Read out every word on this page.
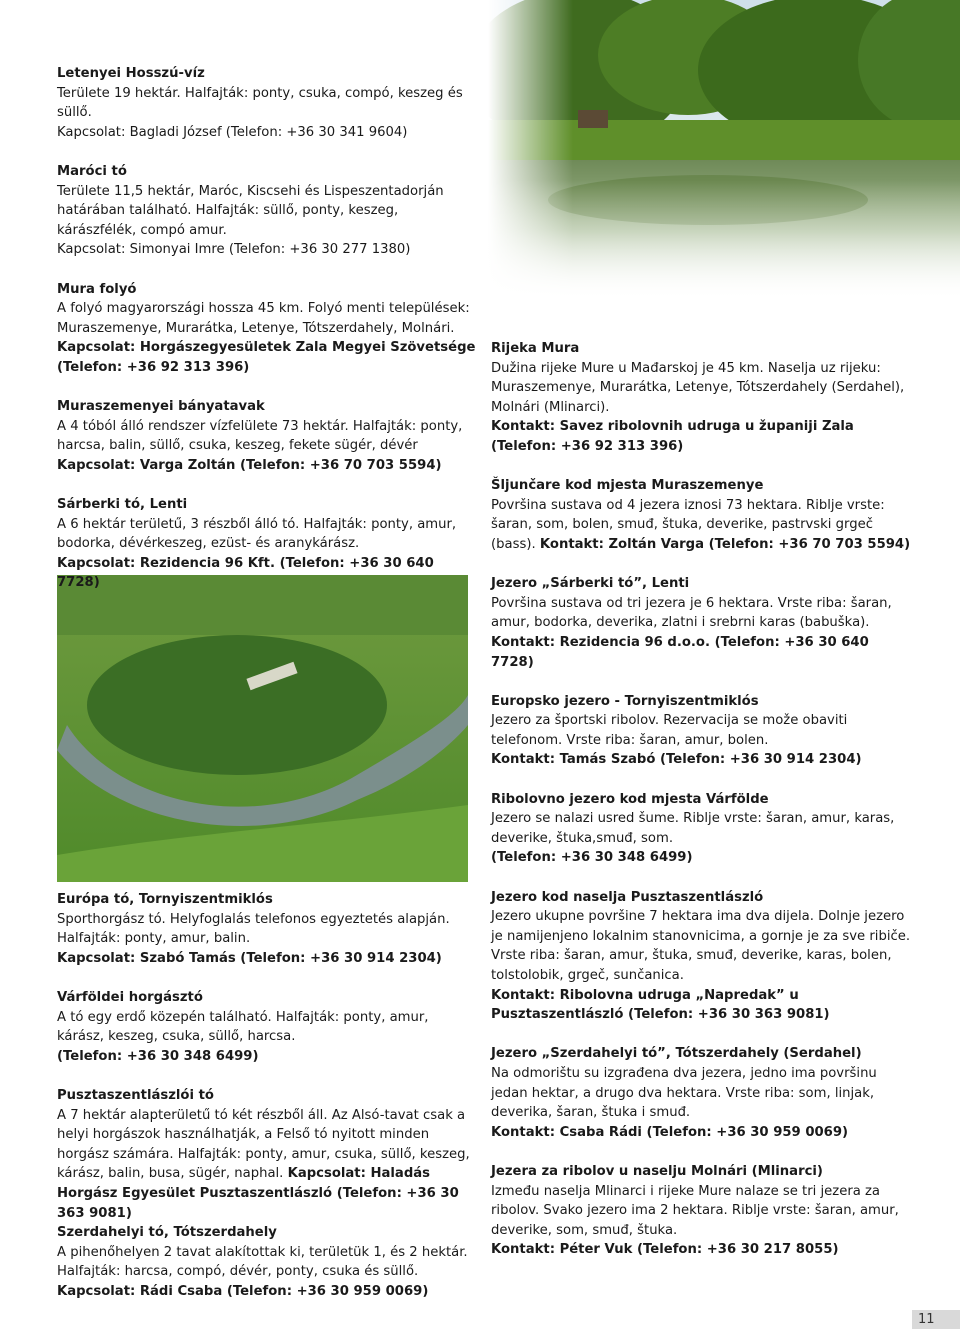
Letenyei Hosszú-víz
Területe 19 hektár. Halfajták: ponty, csuka, compó, keszeg és süllő.
Kapcsolat: Bagladi József (Telefon: +36 30 341 9604)
Maróci tó
Területe 11,5 hektár, Maróc, Kiscsehi és Lispeszentadorján határában található. Halfajták: süllő, ponty, keszeg, kárászfélék, compó amur.
Kapcsolat: Simonyai Imre (Telefon: +36 30 277 1380)
Mura folyó
A folyó magyarországi hossza 45 km. Folyó menti települések: Muraszemenye, Murarátka, Letenye, Tótszerdahely, Molnári.
Kapcsolat: Horgászegyesületek Zala Megyei Szövetsége (Telefon: +36 92 313 396)
Muraszemenyei bányatavak
A 4 tóból álló rendszer vízfelülete 73 hektár. Halfajták: ponty, harcsa, balin, süllő, csuka, keszeg, fekete sügér, dévér
Kapcsolat: Varga Zoltán (Telefon: +36 70 703 5594)
Sárberki tó, Lenti
A 6 hektár területű, 3 részből álló tó. Halfajták: ponty, amur, bodorka, dévérkeszeg, ezüst- és aranykárász.
Kapcsolat: Rezidencia 96 Kft. (Telefon: +36 30 640 7728)
Európa tó, Tornyiszentmiklós
Sporthorgász tó. Helyfoglalás telefonos egyeztetés alapján. Halfajták: ponty, amur, balin.
Kapcsolat: Szabó Tamás (Telefon: +36 30 914 2304)
Várföldei horgásztó
A tó egy erdő közepén található. Halfajták: ponty, amur, kárász, keszeg, csuka, süllő, harcsa.
(Telefon: +36 30 348 6499)
Pusztaszentlászlói tó
A 7 hektár alapterületű tó két részből áll. Az Alsó-tavat csak a helyi horgászok használhatják, a Felső tó nyitott minden horgász számára. Halfajták: ponty, amur, csuka, süllő, keszeg, kárász, balin, busa, sügér, naphal. Kapcsolat: Haladás Horgász Egyesület Pusztaszentlászló (Telefon: +36 30 363 9081)
Szerdahelyi tó, Tótszerdahely
A pihenőhelyen 2 tavat alakítottak ki, területük 1, és 2 hektár. Halfajták: harcsa, compó, dévér, ponty, csuka és süllő.
Kapcsolat: Rádi Csaba (Telefon: +36 30 959 0069)
Rijeka Mura
Dužina rijeke Mure u Mađarskoj je 45 km. Naselja uz rijeku: Muraszemenye, Murarátka, Letenye, Tótszerdahely (Serdahel), Molnári (Mlinarci).
Kontakt: Savez ribolovnih udruga u županiji Zala (Telefon: +36 92 313 396)
Šljunčare kod mjesta Muraszemenye
Površina sustava od 4 jezera iznosi 73 hektara. Riblje vrste: šaran, som, bolen, smuđ, štuka, deverike, pastrvski grgeč (bass). Kontakt: Zoltán Varga (Telefon: +36 70 703 5594)
Jezero „Sárberki tó”, Lenti
Površina sustava od tri jezera je 6 hektara. Vrste riba: šaran, amur, bodorka, deverika, zlatni i srebrni karas (babuška).
Kontakt: Rezidencia 96 d.o.o. (Telefon: +36 30 640 7728)
Europsko jezero - Tornyiszentmiklós
Jezero za športski ribolov. Rezervacija se može obaviti telefonom. Vrste riba: šaran, amur, bolen.
Kontakt: Tamás Szabó (Telefon: +36 30 914 2304)
Ribolovno jezero kod mjesta Várfölde
Jezero se nalazi usred šume. Riblje vrste: šaran, amur, karas, deverike, štuka,smuđ, som.
(Telefon: +36 30 348 6499)
Jezero kod naselja Pusztaszentlászló
Jezero ukupne površine 7 hektara ima dva dijela. Dolnje jezero je namijenjeno lokalnim stanovnicima, a gornje je za sve ribiče. Vrste riba: šaran, amur, štuka, smuđ, deverike, karas, bolen, tolstolobik, grgeč, sunčanica.
Kontakt: Ribolovna udruga „Napredak” u Pusztaszentlászló (Telefon: +36 30 363 9081)
Jezero „Szerdahelyi tó”, Tótszerdahely (Serdahel)
Na odmorištu su izgrađena dva jezera, jedno ima površinu jedan hektar, a drugo dva hektara. Vrste riba: som, linjak, deverika, šaran, štuka i smuđ.
Kontakt: Csaba Rádi (Telefon: +36 30 959 0069)
Jezera za ribolov u naselju Molnári (Mlinarci)
Između naselja Mlinarci i rijeke Mure nalaze se tri jezera za ribolov. Svako jezero ima 2 hektara. Riblje vrste: šaran, amur, deverike, som, smuđ, štuka.
Kontakt: Péter Vuk (Telefon: +36 30 217 8055)
11
